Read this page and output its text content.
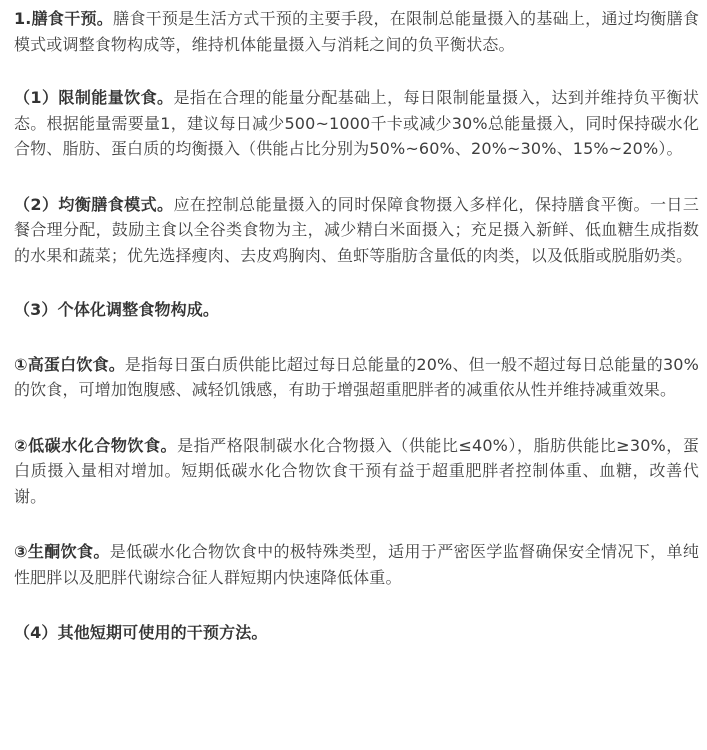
1.膳食干预。膳食干预是生活方式干预的主要手段，在限制总能量摄入的基础上，通过均衡膳食模式或调整食物构成等，维持机体能量摄入与消耗之间的负平衡状态。

（1）限制能量饮食。是指在合理的能量分配基础上，每日限制能量摄入，达到并维持负平衡状态。根据能量需要量1，建议每日减少500~1000千卡或减少30%总能量摄入，同时保持碳水化合物、脂肪、蛋白质的均衡摄入（供能占比分别为50%~60%、20%~30%、15%~20%）。

（2）均衡膳食模式。应在控制总能量摄入的同时保障食物摄入多样化，保持膳食平衡。一日三餐合理分配，鼓励主食以全谷类食物为主，减少精白米面摄入；充足摄入新鲜、低血糖生成指数的水果和蔬菜；优先选择瘦肉、去皮鸡胸肉、鱼虾等脂肪含量低的肉类，以及低脂或脱脂奶类。

（3）个体化调整食物构成。

①高蛋白饮食。是指每日蛋白质供能比超过每日总能量的20%、但一般不超过每日总能量的30%的饮食，可增加饱腹感、减轻饥饿感，有助于增强超重肥胖者的减重依从性并维持减重效果。

②低碳水化合物饮食。是指严格限制碳水化合物摄入（供能比≤40%），脂肪供能比≥30%，蛋白质摄入量相对增加。短期低碳水化合物饮食干预有益于超重肥胖者控制体重、血糖，改善代谢。

③生酮饮食。是低碳水化合物饮食中的极特殊类型，适用于严密医学监督确保安全情况下，单纯性肥胖以及肥胖代谢综合征人群短期内快速降低体重。

（4）其他短期可使用的干预方法。
